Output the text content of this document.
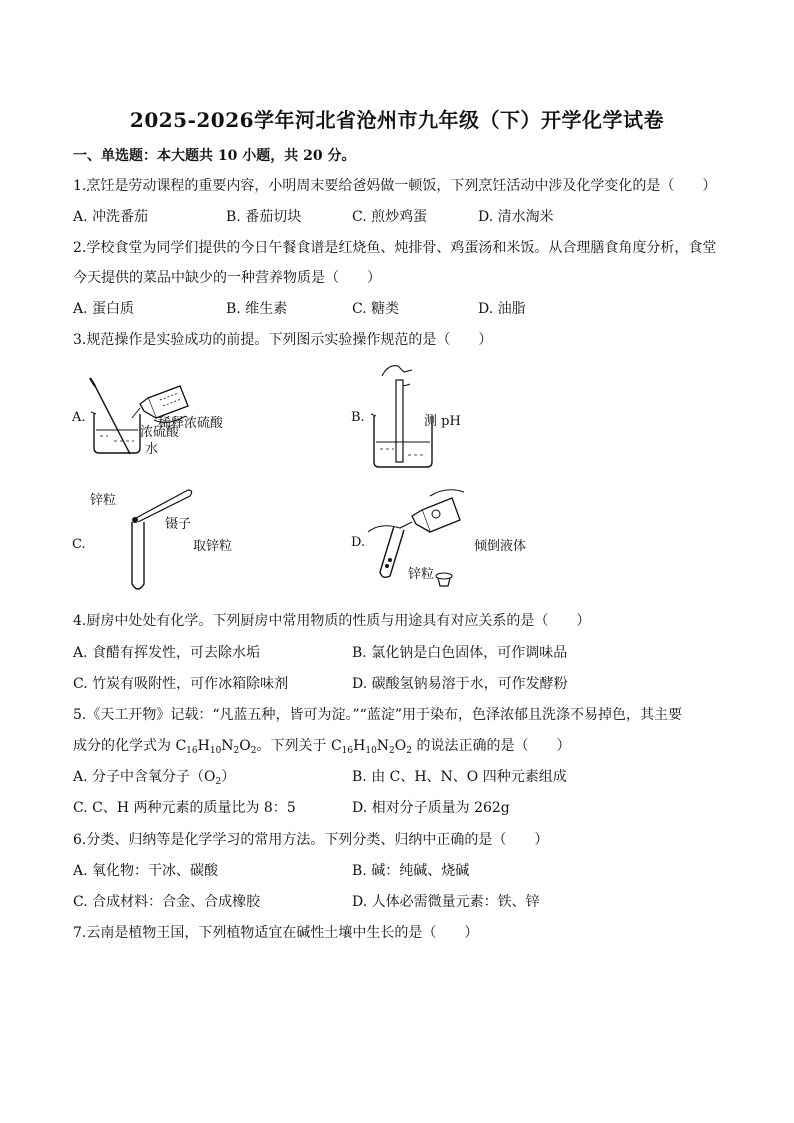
2025-2026学年河北省沧州市九年级（下）开学化学试卷
一、单选题：本大题共 10 小题，共 20 分。
1.烹饪是劳动课程的重要内容，小明周末要给爸妈做一顿饭，下列烹饪活动中涉及化学变化的是（　　）
A. 冲洗番茄	B. 番茄切块	C. 煎炒鸡蛋	D. 清水淘米
2.学校食堂为同学们提供的今日午餐食谱是红烧鱼、炖排骨、鸡蛋汤和米饭。从合理膳食角度分析，食堂
今天提供的菜品中缺少的一种营养物质是（　　）
A. 蛋白质	B. 维生素	C. 糖类	D. 油脂
3.规范操作是实验成功的前提。下列图示实验操作规范的是（　　）
A.	稀释浓硫酸
浓硫酸
水
B.	测 pH
C.
锌粒
镊子
取锌粒	D.	倾倒液体
锌粒
4.厨房中处处有化学。下列厨房中常用物质的性质与用途具有对应关系的是（　　）
A. 食醋有挥发性，可去除水垢	B. 氯化钠是白色固体，可作调味品
C. 竹炭有吸附性，可作冰箱除味剂	D. 碳酸氢钠易溶于水，可作发酵粉
5.《天工开物》记载：“凡蓝五种，皆可为淀。”“蓝淀”用于染布，色泽浓郁且洗涤不易掉色，其主要
成分的化学式为 $C_{16}H_{10}N_2O_2$。下列关于 $C_{16}H_{10}N_2O_2$ 的说法正确的是（　　）
A. 分子中含氧分子$(O_2)$	B. 由 C、H、N、O 四种元素组成
C. C、H 两种元素的质量比为 8：5	D. 相对分子质量为 262g
6.分类、归纳等是化学学习的常用方法。下列分类、归纳中正确的是（　　）
A. 氧化物：干冰、碳酸	B. 碱：纯碱、烧碱
C. 合成材料：合金、合成橡胶	D. 人体必需微量元素：铁、锌
7.云南是植物王国，下列植物适宜在碱性土壤中生长的是（　　）
